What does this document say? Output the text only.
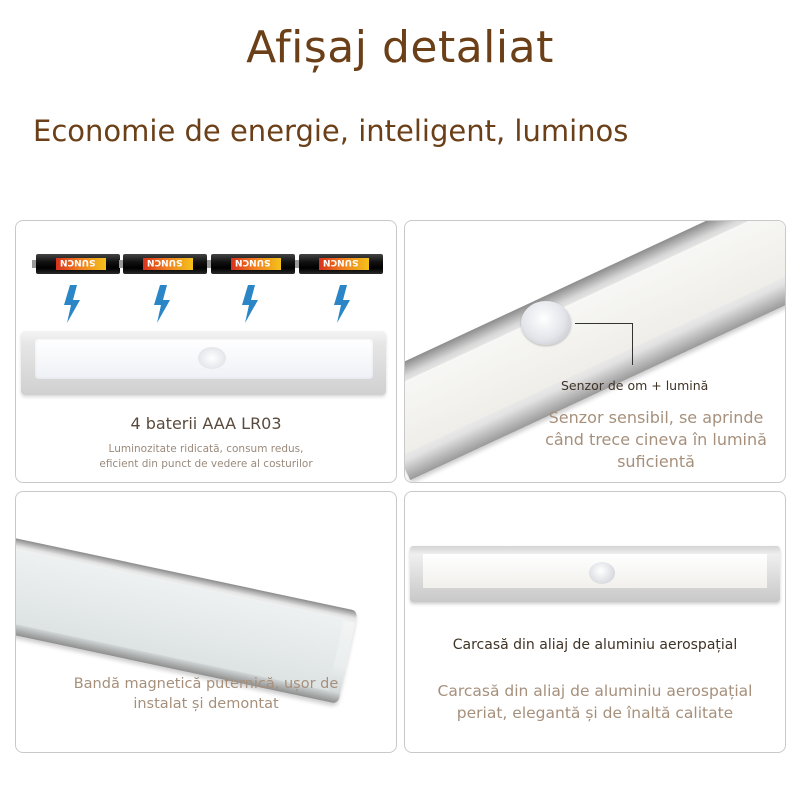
Afișaj detaliat
Economie de energie, inteligent, luminos
SUNCN	SUNCN	SUNCN	SUNCN
4 baterii AAA LR03
Luminozitate ridicată, consum redus,
eficient din punct de vedere al costurilor
Senzor de om + lumină
Senzor sensibil, se aprinde
când trece cineva în lumină
suficientă
Bandă magnetică puternică, ușor de
instalat și demontat
Carcasă din aliaj de aluminiu aerospațial
Carcasă din aliaj de aluminiu aerospațial
periat, elegantă și de înaltă calitate
